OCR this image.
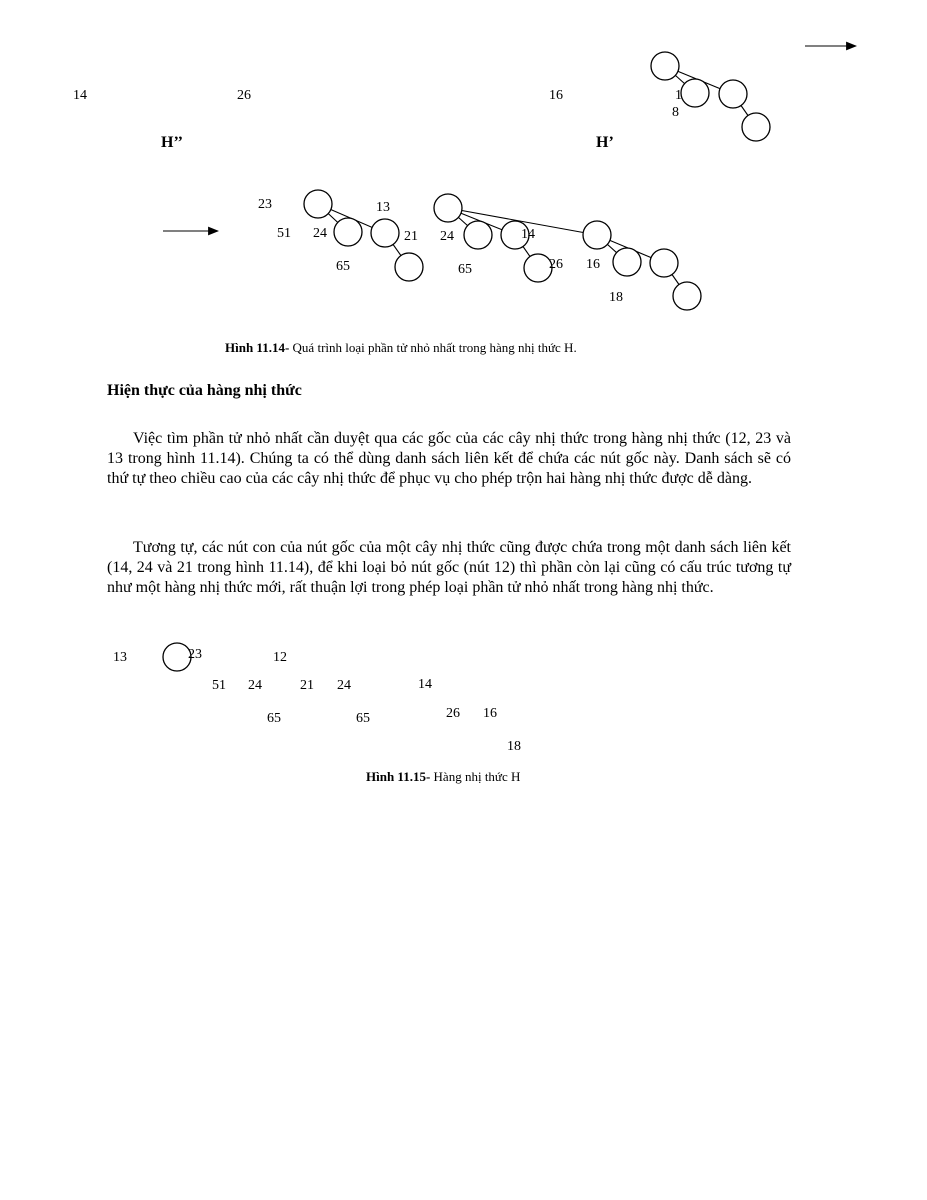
14	26	16	1
8
H’’	H’
23	13
51 24	21 24	14
65	65	26 16
18
Hình 11.14- Quá trình loại phần tử nhỏ nhất trong hàng nhị thức H.
Hiện thực của hàng nhị thức

Việc tìm phần tử nhỏ nhất cần duyệt qua các gốc của các cây nhị thức trong hàng nhị thức (12, 23 và 13 trong hình 11.14). Chúng ta có thể dùng danh sách liên kết để chứa các nút gốc này. Danh sách sẽ có thứ tự theo chiều cao của các cây nhị thức để phục vụ cho phép trộn hai hàng nhị thức được dễ dàng.

Tương tự, các nút con của nút gốc của một cây nhị thức cũng được chứa trong một danh sách liên kết (14, 24 và 21 trong hình 11.14), để khi loại bỏ nút gốc (nút 12) thì phần còn lại cũng có cấu trúc tương tự như một hàng nhị thức mới, rất thuận lợi trong phép loại phần tử nhỏ nhất trong hàng nhị thức.

13	23	12
51 24	21 24	14
65	65	26 16
18
Hình 11.15- Hàng nhị thức H
